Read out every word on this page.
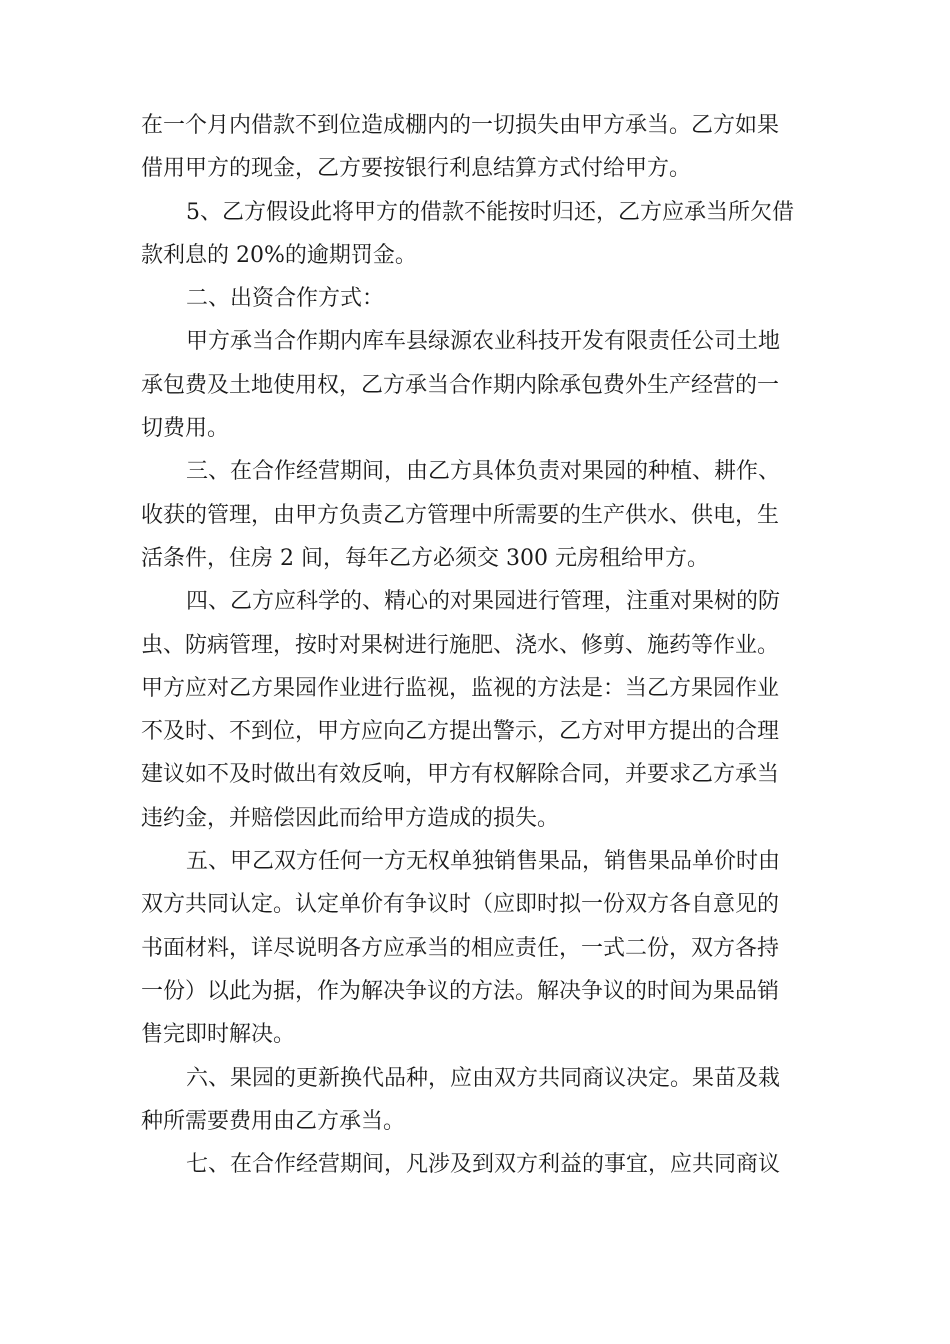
在一个月内借款不到位造成棚内的一切损失由甲方承当。乙方如果
借用甲方的现金，乙方要按银行利息结算方式付给甲方。
5、乙方假设此将甲方的借款不能按时归还，乙方应承当所欠借
款利息的 20%的逾期罚金。
二、出资合作方式：
甲方承当合作期内库车县绿源农业科技开发有限责任公司土地
承包费及土地使用权，乙方承当合作期内除承包费外生产经营的一
切费用。
三、在合作经营期间，由乙方具体负责对果园的种植、耕作、
收获的管理，由甲方负责乙方管理中所需要的生产供水、供电，生
活条件，住房 2 间，每年乙方必须交 300 元房租给甲方。
四、乙方应科学的、精心的对果园进行管理，注重对果树的防
虫、防病管理，按时对果树进行施肥、浇水、修剪、施药等作业。
甲方应对乙方果园作业进行监视，监视的方法是：当乙方果园作业
不及时、不到位，甲方应向乙方提出警示，乙方对甲方提出的合理
建议如不及时做出有效反响，甲方有权解除合同，并要求乙方承当
违约金，并赔偿因此而给甲方造成的损失。
五、甲乙双方任何一方无权单独销售果品，销售果品单价时由
双方共同认定。认定单价有争议时（应即时拟一份双方各自意见的
书面材料，详尽说明各方应承当的相应责任，一式二份，双方各持
一份）以此为据，作为解决争议的方法。解决争议的时间为果品销
售完即时解决。
六、果园的更新换代品种，应由双方共同商议决定。果苗及栽
种所需要费用由乙方承当。
七、在合作经营期间，凡涉及到双方利益的事宜，应共同商议
